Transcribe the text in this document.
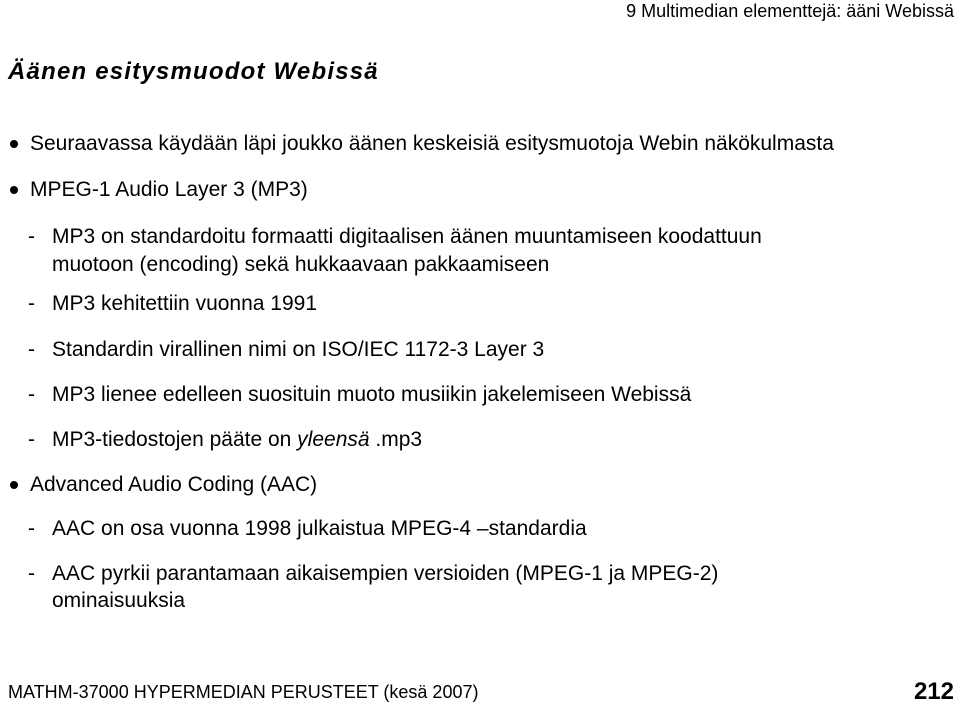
9 Multimedian elementtejä: ääni Webissä
Äänen esitysmuodot Webissä
Seuraavassa käydään läpi joukko äänen keskeisiä esitysmuotoja Webin näkökulmasta
MPEG-1 Audio Layer 3 (MP3)
- MP3 on standardoitu formaatti digitaalisen äänen muuntamiseen koodattuun
muotoon (encoding) sekä hukkaavaan pakkaamiseen
- MP3 kehitettiin vuonna 1991
- Standardin virallinen nimi on ISO/IEC 1172-3 Layer 3
- MP3 lienee edelleen suosituin muoto musiikin jakelemiseen Webissä
- MP3-tiedostojen pääte on yleensä .mp3
Advanced Audio Coding (AAC)
- AAC on osa vuonna 1998 julkaistua MPEG-4 –standardia
- AAC pyrkii parantamaan aikaisempien versioiden (MPEG-1 ja MPEG-2)
ominaisuuksia
MATHM-37000 HYPERMEDIAN PERUSTEET (kesä 2007)	212
